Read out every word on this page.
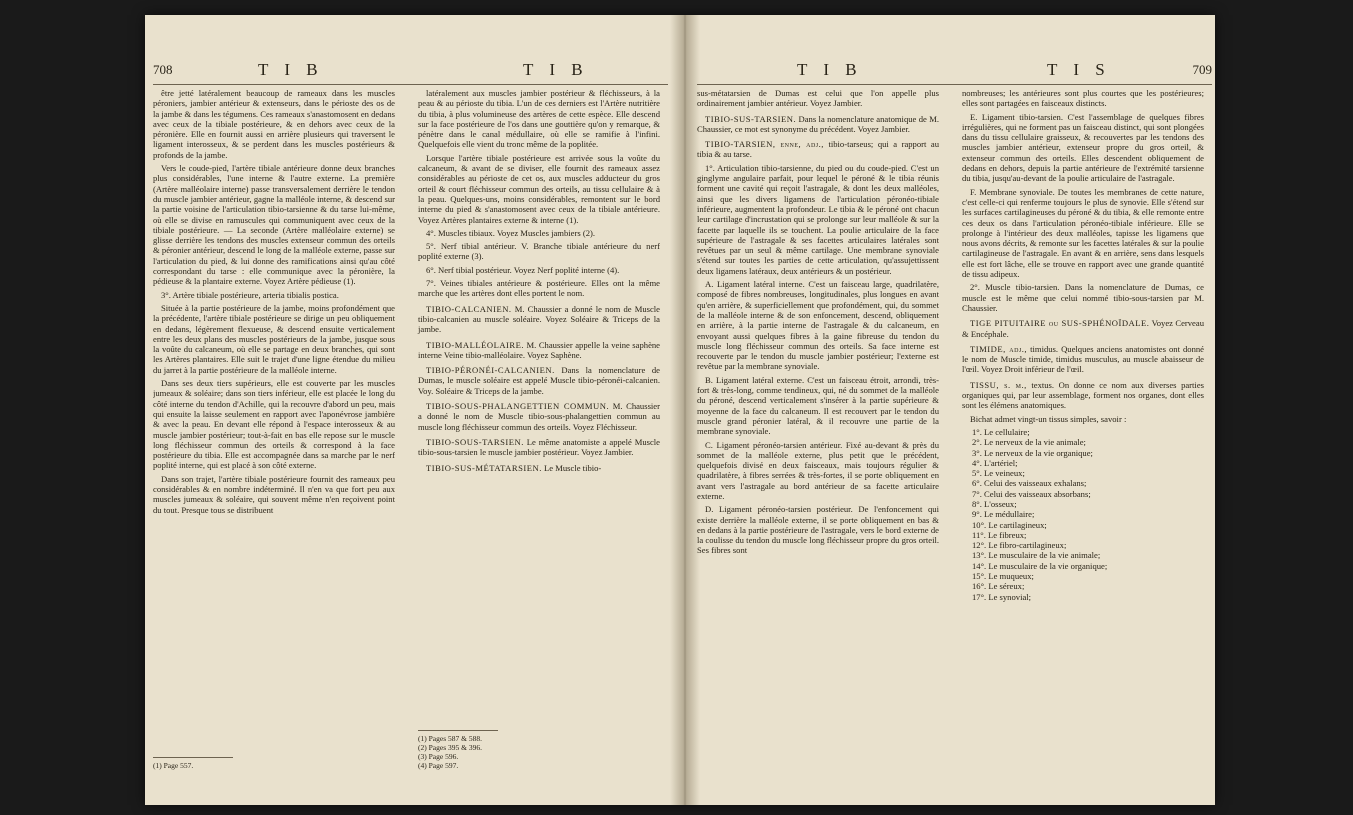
708	T I B	T I B

être jetté latéralement beaucoup de rameaux dans les muscles péroniers, jambier antérieur & extenseurs, dans le périoste des os de la jambe & dans les tégumens. Ces rameaux s'anastomosent en dedans avec ceux de la tibiale postérieure, & en dehors avec ceux de la péronière. Elle en fournit aussi en arrière plusieurs qui traversent le ligament interosseux, & se perdent dans les muscles postérieurs & profonds de la jambe.

Vers le coude-pied, l'artère tibiale antérieure donne deux branches plus considérables, l'une interne & l'autre externe. La première (Artère malléolaire interne) passe transversalement derrière le tendon du muscle jambier antérieur, gagne la malléole interne, & descend sur la partie voisine de l'articulation tibio-tarsienne & du tarse lui-même, où elle se divise en ramuscules qui communiquent avec ceux de la tibiale postérieure. — La seconde (Artère malléolaire externe) se glisse derrière les tendons des muscles extenseur commun des orteils & péronier antérieur, descend le long de la malléole externe, passe sur l'articulation du pied, & lui donne des ramifications ainsi qu'au côté correspondant du tarse : elle communique avec la péronière, la pédieuse & la plantaire externe. Voyez Artère pédieuse (1).

3°. Artère tibiale postérieure, arteria tibialis postica.

Située à la partie postérieure de la jambe, moins profondément que la précédente, l'artère tibiale postérieure se dirige un peu obliquement en dedans, légèrement flexueuse, & descend ensuite verticalement entre les deux plans des muscles postérieurs de la jambe, jusque sous la voûte du calcaneum, où elle se partage en deux branches, qui sont les Artères plantaires. Elle suit le trajet d'une ligne étendue du milieu du jarret à la partie postérieure de la malléole interne.

Dans ses deux tiers supérieurs, elle est couverte par les muscles jumeaux & soléaire; dans son tiers inférieur, elle est placée le long du côté interne du tendon d'Achille, qui la recouvre d'abord un peu, mais qui ensuite la laisse seulement en rapport avec l'aponévrose jambière & avec la peau. En devant elle répond à l'espace interosseux & au muscle jambier postérieur; tout-à-fait en bas elle repose sur le muscle long fléchisseur commun des orteils & correspond à la face postérieure du tibia. Elle est accompagnée dans sa marche par le nerf poplité interne, qui est placé à son côté externe.

Dans son trajet, l'artère tibiale postérieure fournit des rameaux peu considérables & en nombre indéterminé. Il n'en va que fort peu aux muscles jumeaux & soléaire, qui souvent même n'en reçoivent point du tout. Presque tous se distribuent

latéralement aux muscles jambier postérieur & fléchisseurs, à la peau & au périoste du tibia. L'un de ces derniers est l'Artère nutritière du tibia, à plus volumineuse des artères de cette espèce. Elle descend sur la face postérieure de l'os dans une gouttière qu'on y remarque, & pénètre dans le canal médullaire, où elle se ramifie à l'infini. Quelquefois elle vient du tronc même de la poplitée.

Lorsque l'artère tibiale postérieure est arrivée sous la voûte du calcaneum, & avant de se diviser, elle fournit des rameaux assez considérables au périoste de cet os, aux muscles adducteur du gros orteil & court fléchisseur commun des orteils, au tissu cellulaire & à la peau. Quelques-uns, moins considérables, remontent sur le bord interne du pied & s'anastomosent avec ceux de la tibiale antérieure. Voyez Artères plantaires externe & interne (1).

4°. Muscles tibiaux. Voyez Muscles jambiers (2).

5°. Nerf tibial antérieur. V. Branche tibiale antérieure du nerf poplité externe (3).

6°. Nerf tibial postérieur. Voyez Nerf poplité interne (4).

7°. Veines tibiales antérieure & postérieure. Elles ont la même marche que les artères dont elles portent le nom.

TIBIO-CALCANIEN. M. Chaussier a donné le nom de Muscle tibio-calcanien au muscle soléaire. Voyez Soléaire & Triceps de la jambe.

TIBIO-MALLÉOLAIRE. M. Chaussier appelle la veine saphène interne Veine tibio-malléolaire. Voyez Saphène.

TIBIO-PÉRONÉI-CALCANIEN. Dans la nomenclature de Dumas, le muscle soléaire est appelé Muscle tibio-péronéi-calcanien. Voy. Soléaire & Triceps de la jambe.

TIBIO-SOUS-PHALANGETTIEN COMMUN. M. Chaussier a donné le nom de Muscle tibio-sous-phalangettien commun au muscle long fléchisseur commun des orteils. Voyez Fléchisseur.

TIBIO-SOUS-TARSIEN. Le même anatomiste a appelé Muscle tibio-sous-tarsien le muscle jambier postérieur. Voyez Jambier.

TIBIO-SUS-MÉTATARSIEN. Le Muscle tibio-

(1) Page 557.

(1) Pages 587 & 588.

(2) Pages 395 & 396.

(3) Page 596.

(4) Page 597.

T I B	T I S	709

sus-métatarsien de Dumas est celui que l'on appelle plus ordinairement jambier antérieur. Voyez Jambier.

TIBIO-SUS-TARSIEN. Dans la nomenclature anatomique de M. Chaussier, ce mot est synonyme du précédent. Voyez Jambier.

TIBIO-TARSIEN, enne, adj., tibio-tarseus; qui a rapport au tibia & au tarse.

1°. Articulation tibio-tarsienne, du pied ou du coude-pied. C'est un ginglyme angulaire parfait, pour lequel le péroné & le tibia réunis forment une cavité qui reçoit l'astragale, & dont les deux malléoles, ainsi que les divers ligamens de l'articulation péronéo-tibiale inférieure, augmentent la profondeur. Le tibia & le péroné ont chacun leur cartilage d'incrustation qui se prolonge sur leur malléole & sur la facette par laquelle ils se touchent. La poulie articulaire de la face supérieure de l'astragale & ses facettes articulaires latérales sont revêtues par un seul & même cartilage. Une membrane synoviale s'étend sur toutes les parties de cette articulation, qu'assujettissent deux ligamens latéraux, deux antérieurs & un postérieur.

A. Ligament latéral interne. C'est un faisceau large, quadrilatère, composé de fibres nombreuses, longitudinales, plus longues en avant qu'en arrière, & superficiellement que profondément, qui, du sommet de la malléole interne & de son enfoncement, descend, obliquement en arrière, à la partie interne de l'astragale & du calcaneum, en envoyant aussi quelques fibres à la gaine fibreuse du tendon du muscle long fléchisseur commun des orteils. Sa face interne est recouverte par le tendon du muscle jambier postérieur; l'externe est revêtue par la membrane synoviale.

B. Ligament latéral externe. C'est un faisceau étroit, arrondi, très-fort & très-long, comme tendineux, qui, né du sommet de la malléole du péroné, descend verticalement s'insérer à la partie supérieure & moyenne de la face du calcaneum. Il est recouvert par le tendon du muscle grand péronier latéral, & il recouvre une partie de la membrane synoviale.

C. Ligament péronéo-tarsien antérieur. Fixé au-devant & près du sommet de la malléole externe, plus petit que le précédent, quelquefois divisé en deux faisceaux, mais toujours régulier & quadrilatère, à fibres serrées & très-fortes, il se porte obliquement en avant vers l'astragale au bord antérieur de sa facette articulaire externe.

D. Ligament péronéo-tarsien postérieur. De l'enfoncement qui existe derrière la malléole externe, il se porte obliquement en bas & en dedans à la partie postérieure de l'astragale, vers le bord externe de la coulisse du tendon du muscle long fléchisseur propre du gros orteil. Ses fibres sont

nombreuses; les antérieures sont plus courtes que les postérieures; elles sont partagées en faisceaux distincts.

E. Ligament tibio-tarsien. C'est l'assemblage de quelques fibres irrégulières, qui ne forment pas un faisceau distinct, qui sont plongées dans du tissu cellulaire graisseux, & recouvertes par les tendons des muscles jambier antérieur, extenseur propre du gros orteil, & extenseur commun des orteils. Elles descendent obliquement de dedans en dehors, depuis la partie antérieure de l'extrémité tarsienne du tibia, jusqu'au-devant de la poulie articulaire de l'astragale.

F. Membrane synoviale. De toutes les membranes de cette nature, c'est celle-ci qui renferme toujours le plus de synovie. Elle s'étend sur les surfaces cartilagineuses du péroné & du tibia, & elle remonte entre ces deux os dans l'articulation péronéo-tibiale inférieure. Elle se prolonge à l'intérieur des deux malléoles, tapisse les ligamens que nous avons décrits, & remonte sur les facettes latérales & sur la poulie cartilagineuse de l'astragale. En avant & en arrière, sens dans lesquels elle est fort lâche, elle se trouve en rapport avec une grande quantité de tissu adipeux.

2°. Muscle tibio-tarsien. Dans la nomenclature de Dumas, ce muscle est le même que celui nommé tibio-sous-tarsien par M. Chaussier.

TIGE PITUITAIRE ou SUS-SPHÉNOÏDALE. Voyez Cerveau & Encéphale.

TIMIDE, adj., timidus. Quelques anciens anatomistes ont donné le nom de Muscle timide, timidus musculus, au muscle abaisseur de l'œil. Voyez Droit inférieur de l'œil.

TISSU, s. m., textus. On donne ce nom aux diverses parties organiques qui, par leur assemblage, forment nos organes, dont elles sont les élémens anatomiques.

Bichat admet vingt-un tissus simples, savoir :

1°. Le cellulaire;

2°. Le nerveux de la vie animale;

3°. Le nerveux de la vie organique;

4°. L'artériel;

5°. Le veineux;

6°. Celui des vaisseaux exhalans;

7°. Celui des vaisseaux absorbans;

8°. L'osseux;

9°. Le médullaire;

10°. Le cartilagineux;

11°. Le fibreux;

12°. Le fibro-cartilagineux;

13°. Le musculaire de la vie animale;

14°. Le musculaire de la vie organique;

15°. Le muqueux;

16°. Le séreux;

17°. Le synovial;
